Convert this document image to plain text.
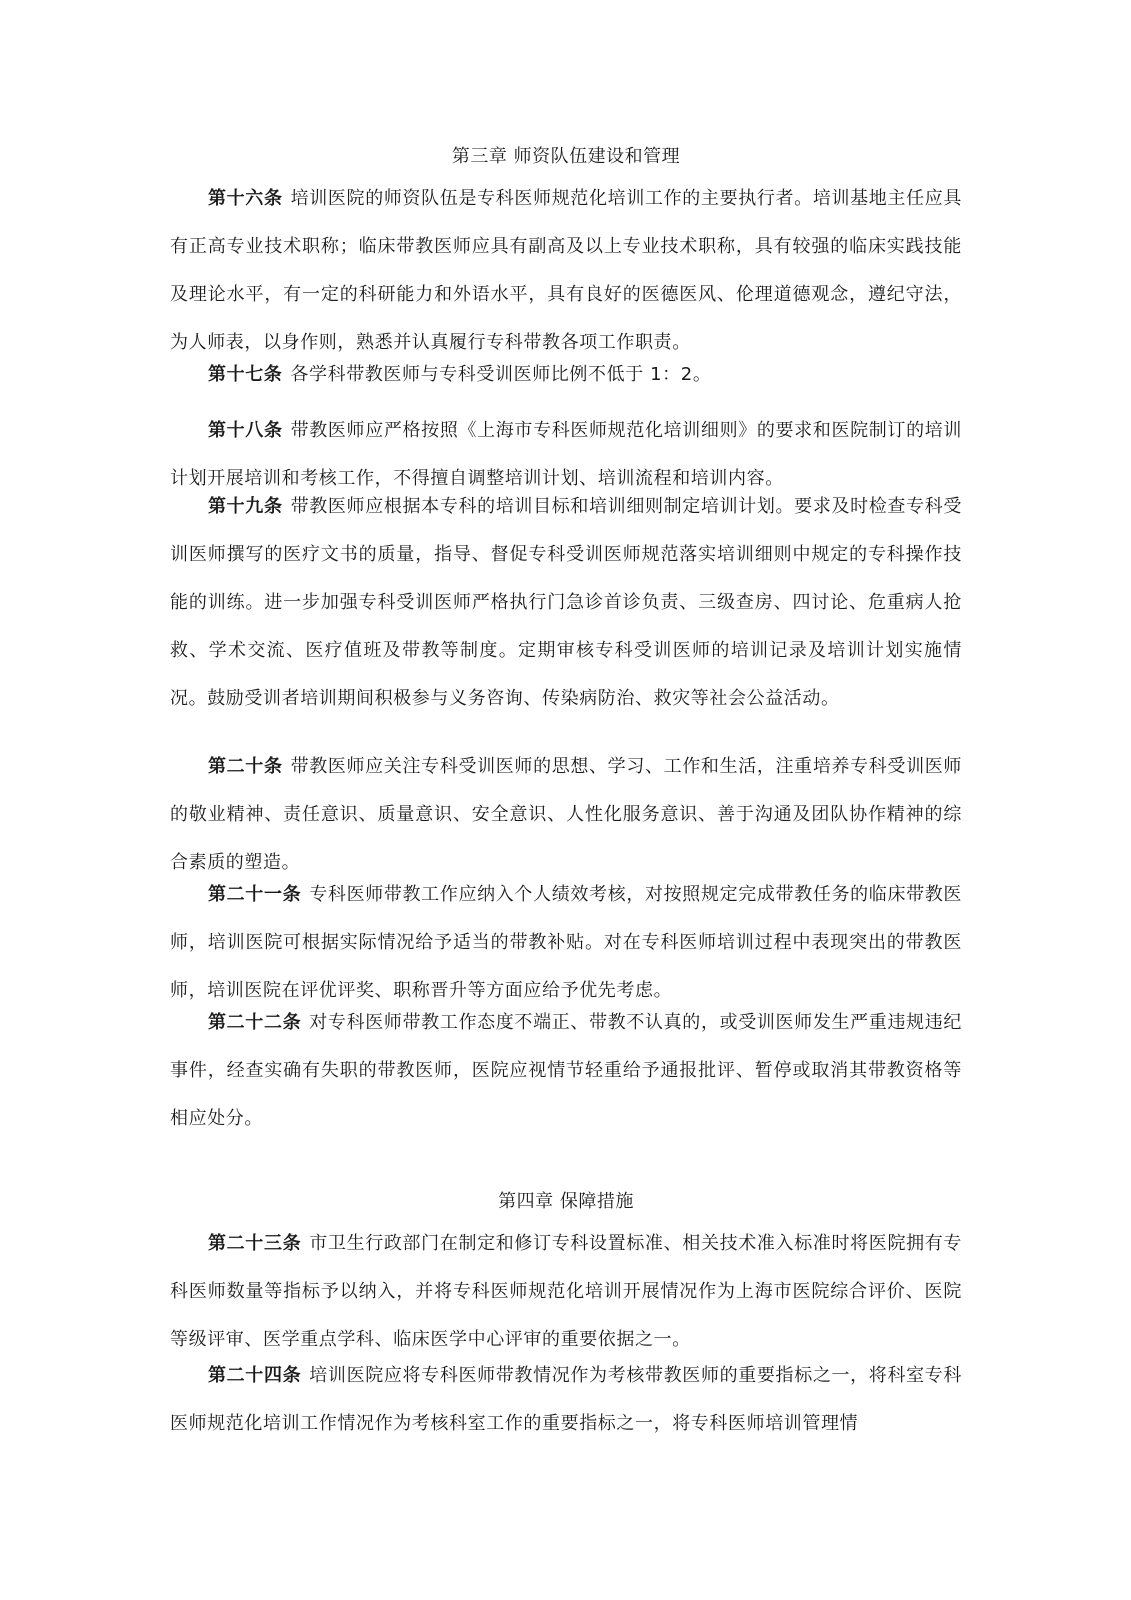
第三章 师资队伍建设和管理

第十六条 培训医院的师资队伍是专科医师规范化培训工作的主要执行者。培训基地主任应具有正高专业技术职称；临床带教医师应具有副高及以上专业技术职称，具有较强的临床实践技能及理论水平，有一定的科研能力和外语水平，具有良好的医德医风、伦理道德观念，遵纪守法，为人师表，以身作则，熟悉并认真履行专科带教各项工作职责。

第十七条 各学科带教医师与专科受训医师比例不低于 1：2。

第十八条 带教医师应严格按照《上海市专科医师规范化培训细则》的要求和医院制订的培训计划开展培训和考核工作，不得擅自调整培训计划、培训流程和培训内容。

第十九条 带教医师应根据本专科的培训目标和培训细则制定培训计划。要求及时检查专科受训医师撰写的医疗文书的质量，指导、督促专科受训医师规范落实培训细则中规定的专科操作技能的训练。进一步加强专科受训医师严格执行门急诊首诊负责、三级查房、四讨论、危重病人抢救、学术交流、医疗值班及带教等制度。定期审核专科受训医师的培训记录及培训计划实施情况。鼓励受训者培训期间积极参与义务咨询、传染病防治、救灾等社会公益活动。

第二十条 带教医师应关注专科受训医师的思想、学习、工作和生活，注重培养专科受训医师的敬业精神、责任意识、质量意识、安全意识、人性化服务意识、善于沟通及团队协作精神的综合素质的塑造。

第二十一条 专科医师带教工作应纳入个人绩效考核，对按照规定完成带教任务的临床带教医师，培训医院可根据实际情况给予适当的带教补贴。对在专科医师培训过程中表现突出的带教医师，培训医院在评优评奖、职称晋升等方面应给予优先考虑。

第二十二条 对专科医师带教工作态度不端正、带教不认真的，或受训医师发生严重违规违纪事件，经查实确有失职的带教医师，医院应视情节轻重给予通报批评、暂停或取消其带教资格等相应处分。

第四章 保障措施

第二十三条 市卫生行政部门在制定和修订专科设置标准、相关技术准入标准时将医院拥有专科医师数量等指标予以纳入，并将专科医师规范化培训开展情况作为上海市医院综合评价、医院等级评审、医学重点学科、临床医学中心评审的重要依据之一。

第二十四条 培训医院应将专科医师带教情况作为考核带教医师的重要指标之一，将科室专科医师规范化培训工作情况作为考核科室工作的重要指标之一，将专科医师培训管理情
